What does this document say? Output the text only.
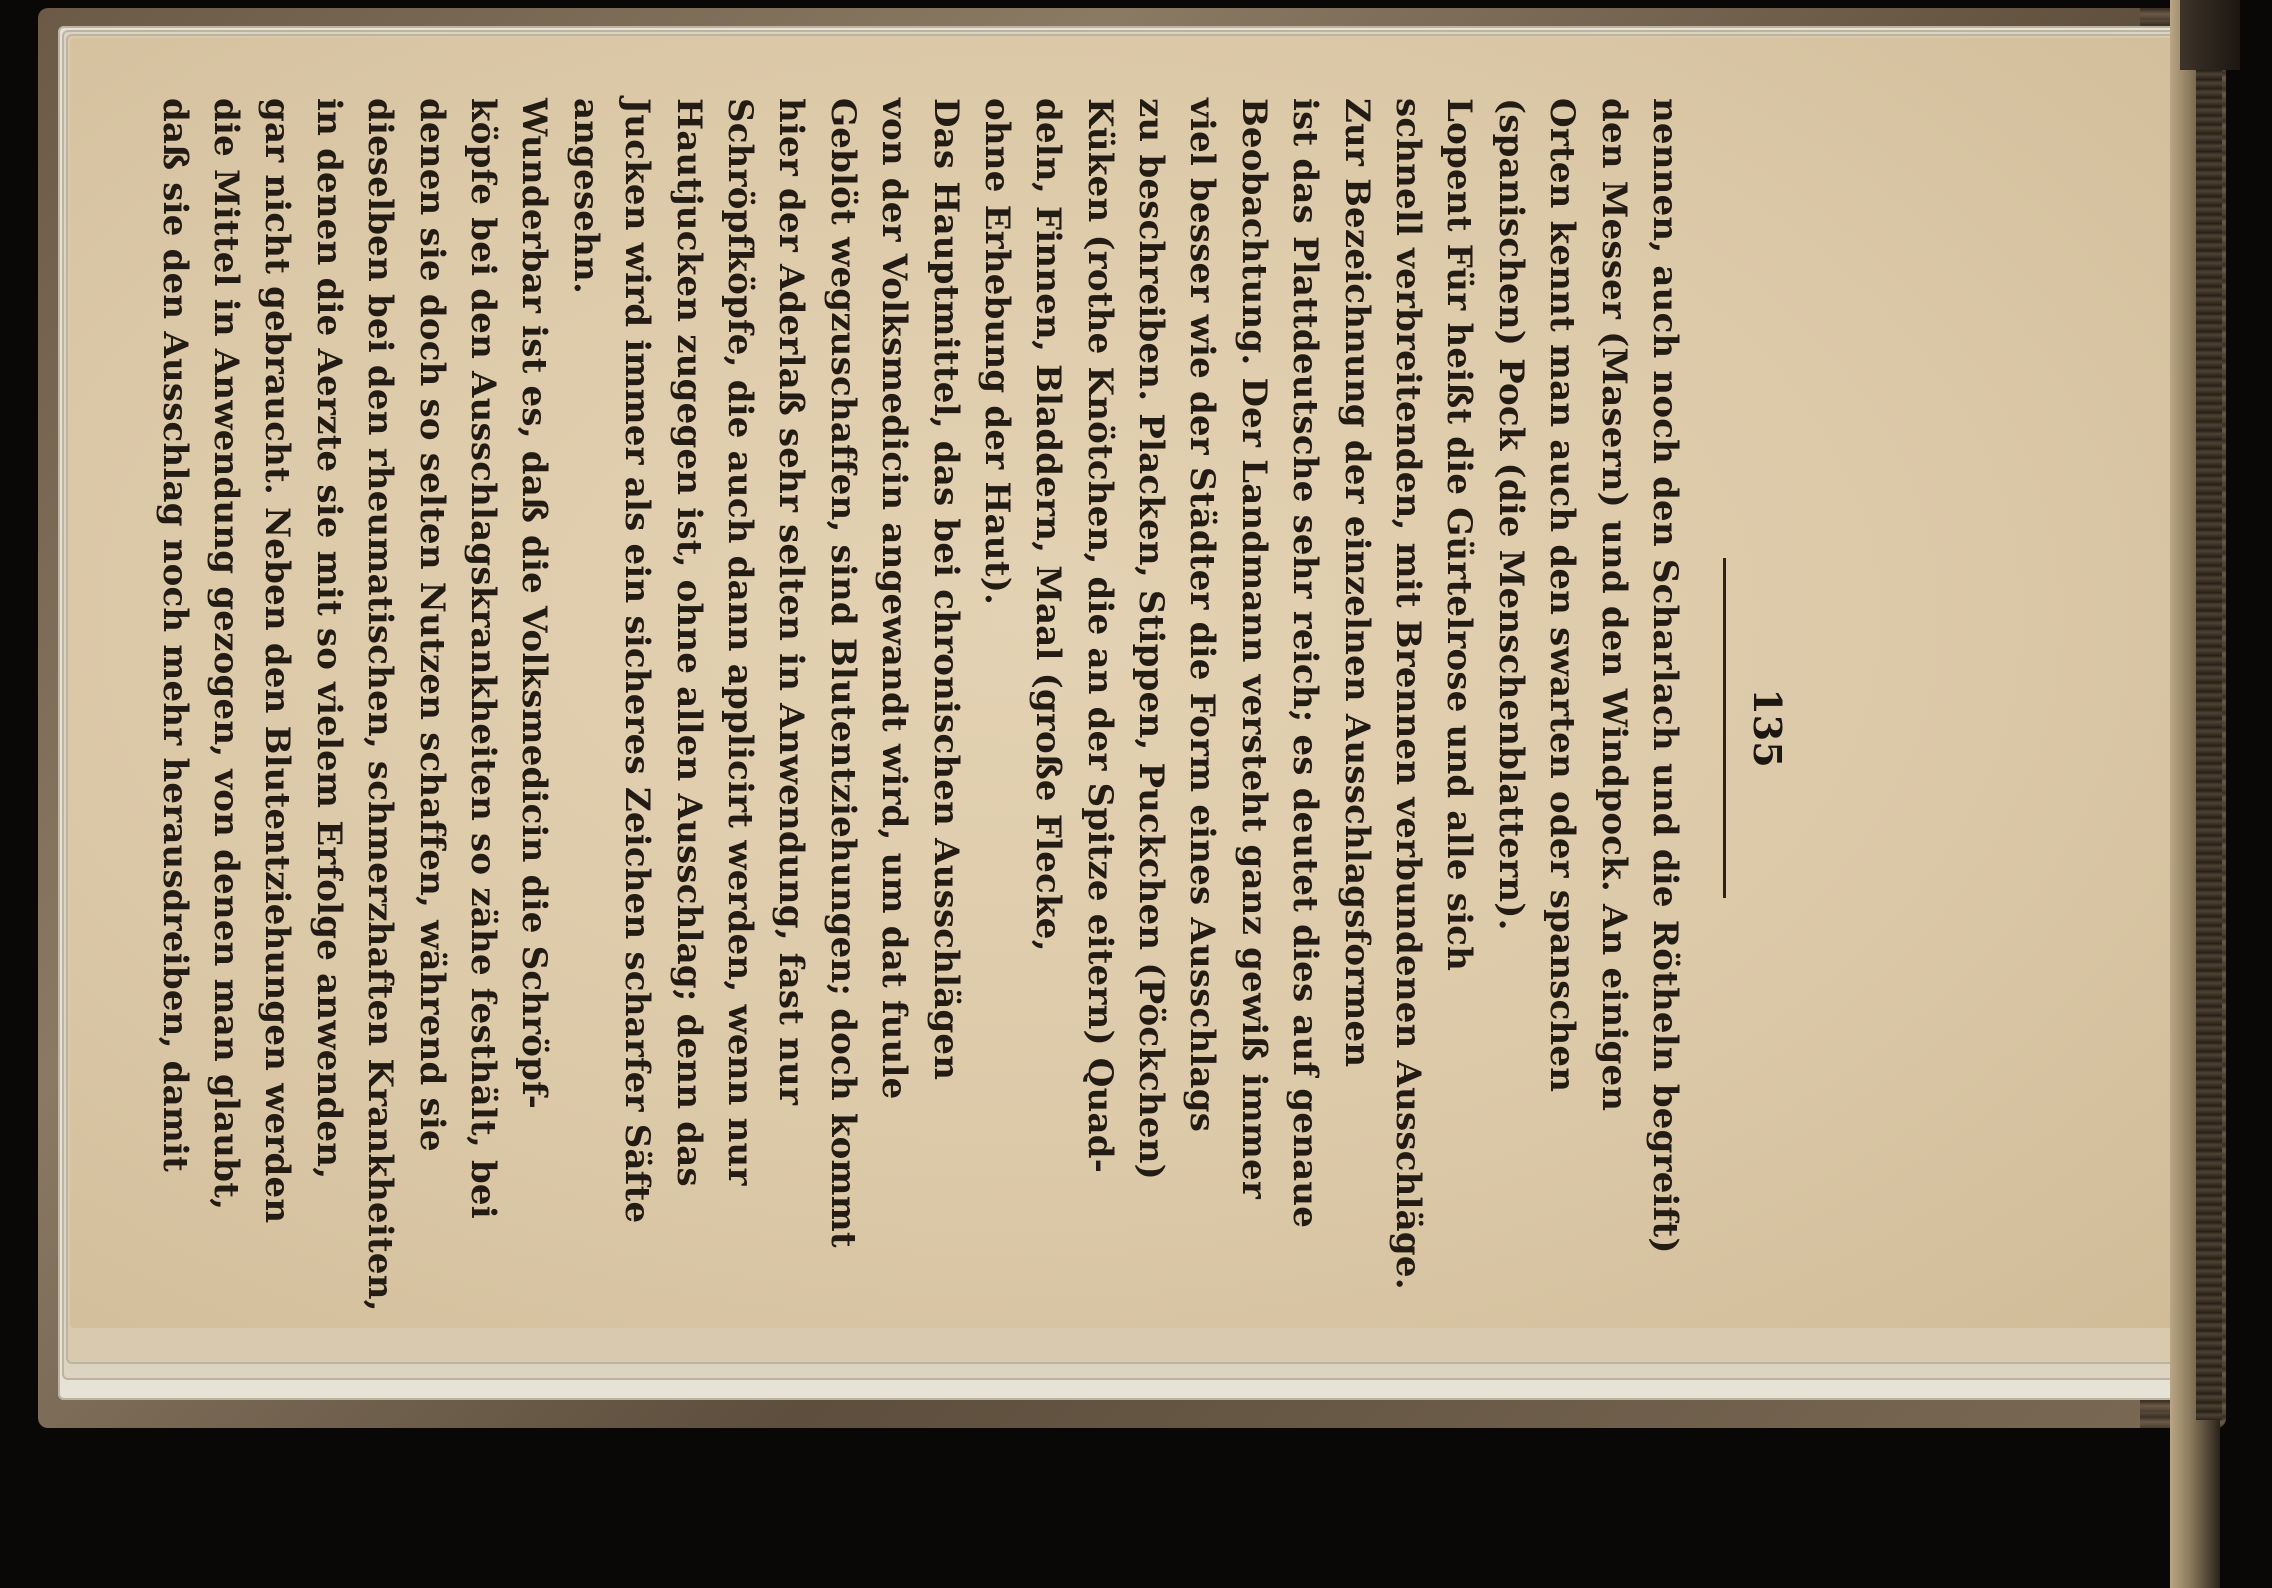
135
nennen, auch noch den Scharlach und die Rötheln begreift)
den Messer (Masern) und den Windpock. An einigen
Orten kennt man auch den swarten oder spanschen
(spanischen) Pock (die Menschenblattern).
Lopent Für heißt die Gürtelrose und alle sich
schnell verbreitenden, mit Brennen verbundenen Ausschläge.
Zur Bezeichnung der einzelnen Ausschlagsformen
ist das Plattdeutsche sehr reich; es deutet dies auf genaue
Beobachtung. Der Landmann versteht ganz gewiß immer
viel besser wie der Städter die Form eines Ausschlags
zu beschreiben. Placken, Stippen, Puckchen (Pöckchen)
Küken (rothe Knötchen, die an der Spitze eitern) Quad-
deln, Finnen, Bladdern, Maal (große Flecke,
ohne Erhebung der Haut).
Das Hauptmittel, das bei chronischen Ausschlägen
von der Volksmedicin angewandt wird, um dat fuule
Geblöt wegzuschaffen, sind Blutentziehungen; doch kommt
hier der Aderlaß sehr selten in Anwendung, fast nur
Schröpfköpfe, die auch dann applicirt werden, wenn nur
Hautjucken zugegen ist, ohne allen Ausschlag; denn das
Jucken wird immer als ein sicheres Zeichen scharfer Säfte
angesehn.
Wunderbar ist es, daß die Volksmedicin die Schröpf-
köpfe bei den Ausschlagskrankheiten so zähe festhält, bei
denen sie doch so selten Nutzen schaffen, während sie
dieselben bei den rheumatischen, schmerzhaften Krankheiten,
in denen die Aerzte sie mit so vielem Erfolge anwenden,
gar nicht gebraucht. Neben den Blutentziehungen werden
die Mittel in Anwendung gezogen, von denen man glaubt,
daß sie den Ausschlag noch mehr herausdreiben, damit
